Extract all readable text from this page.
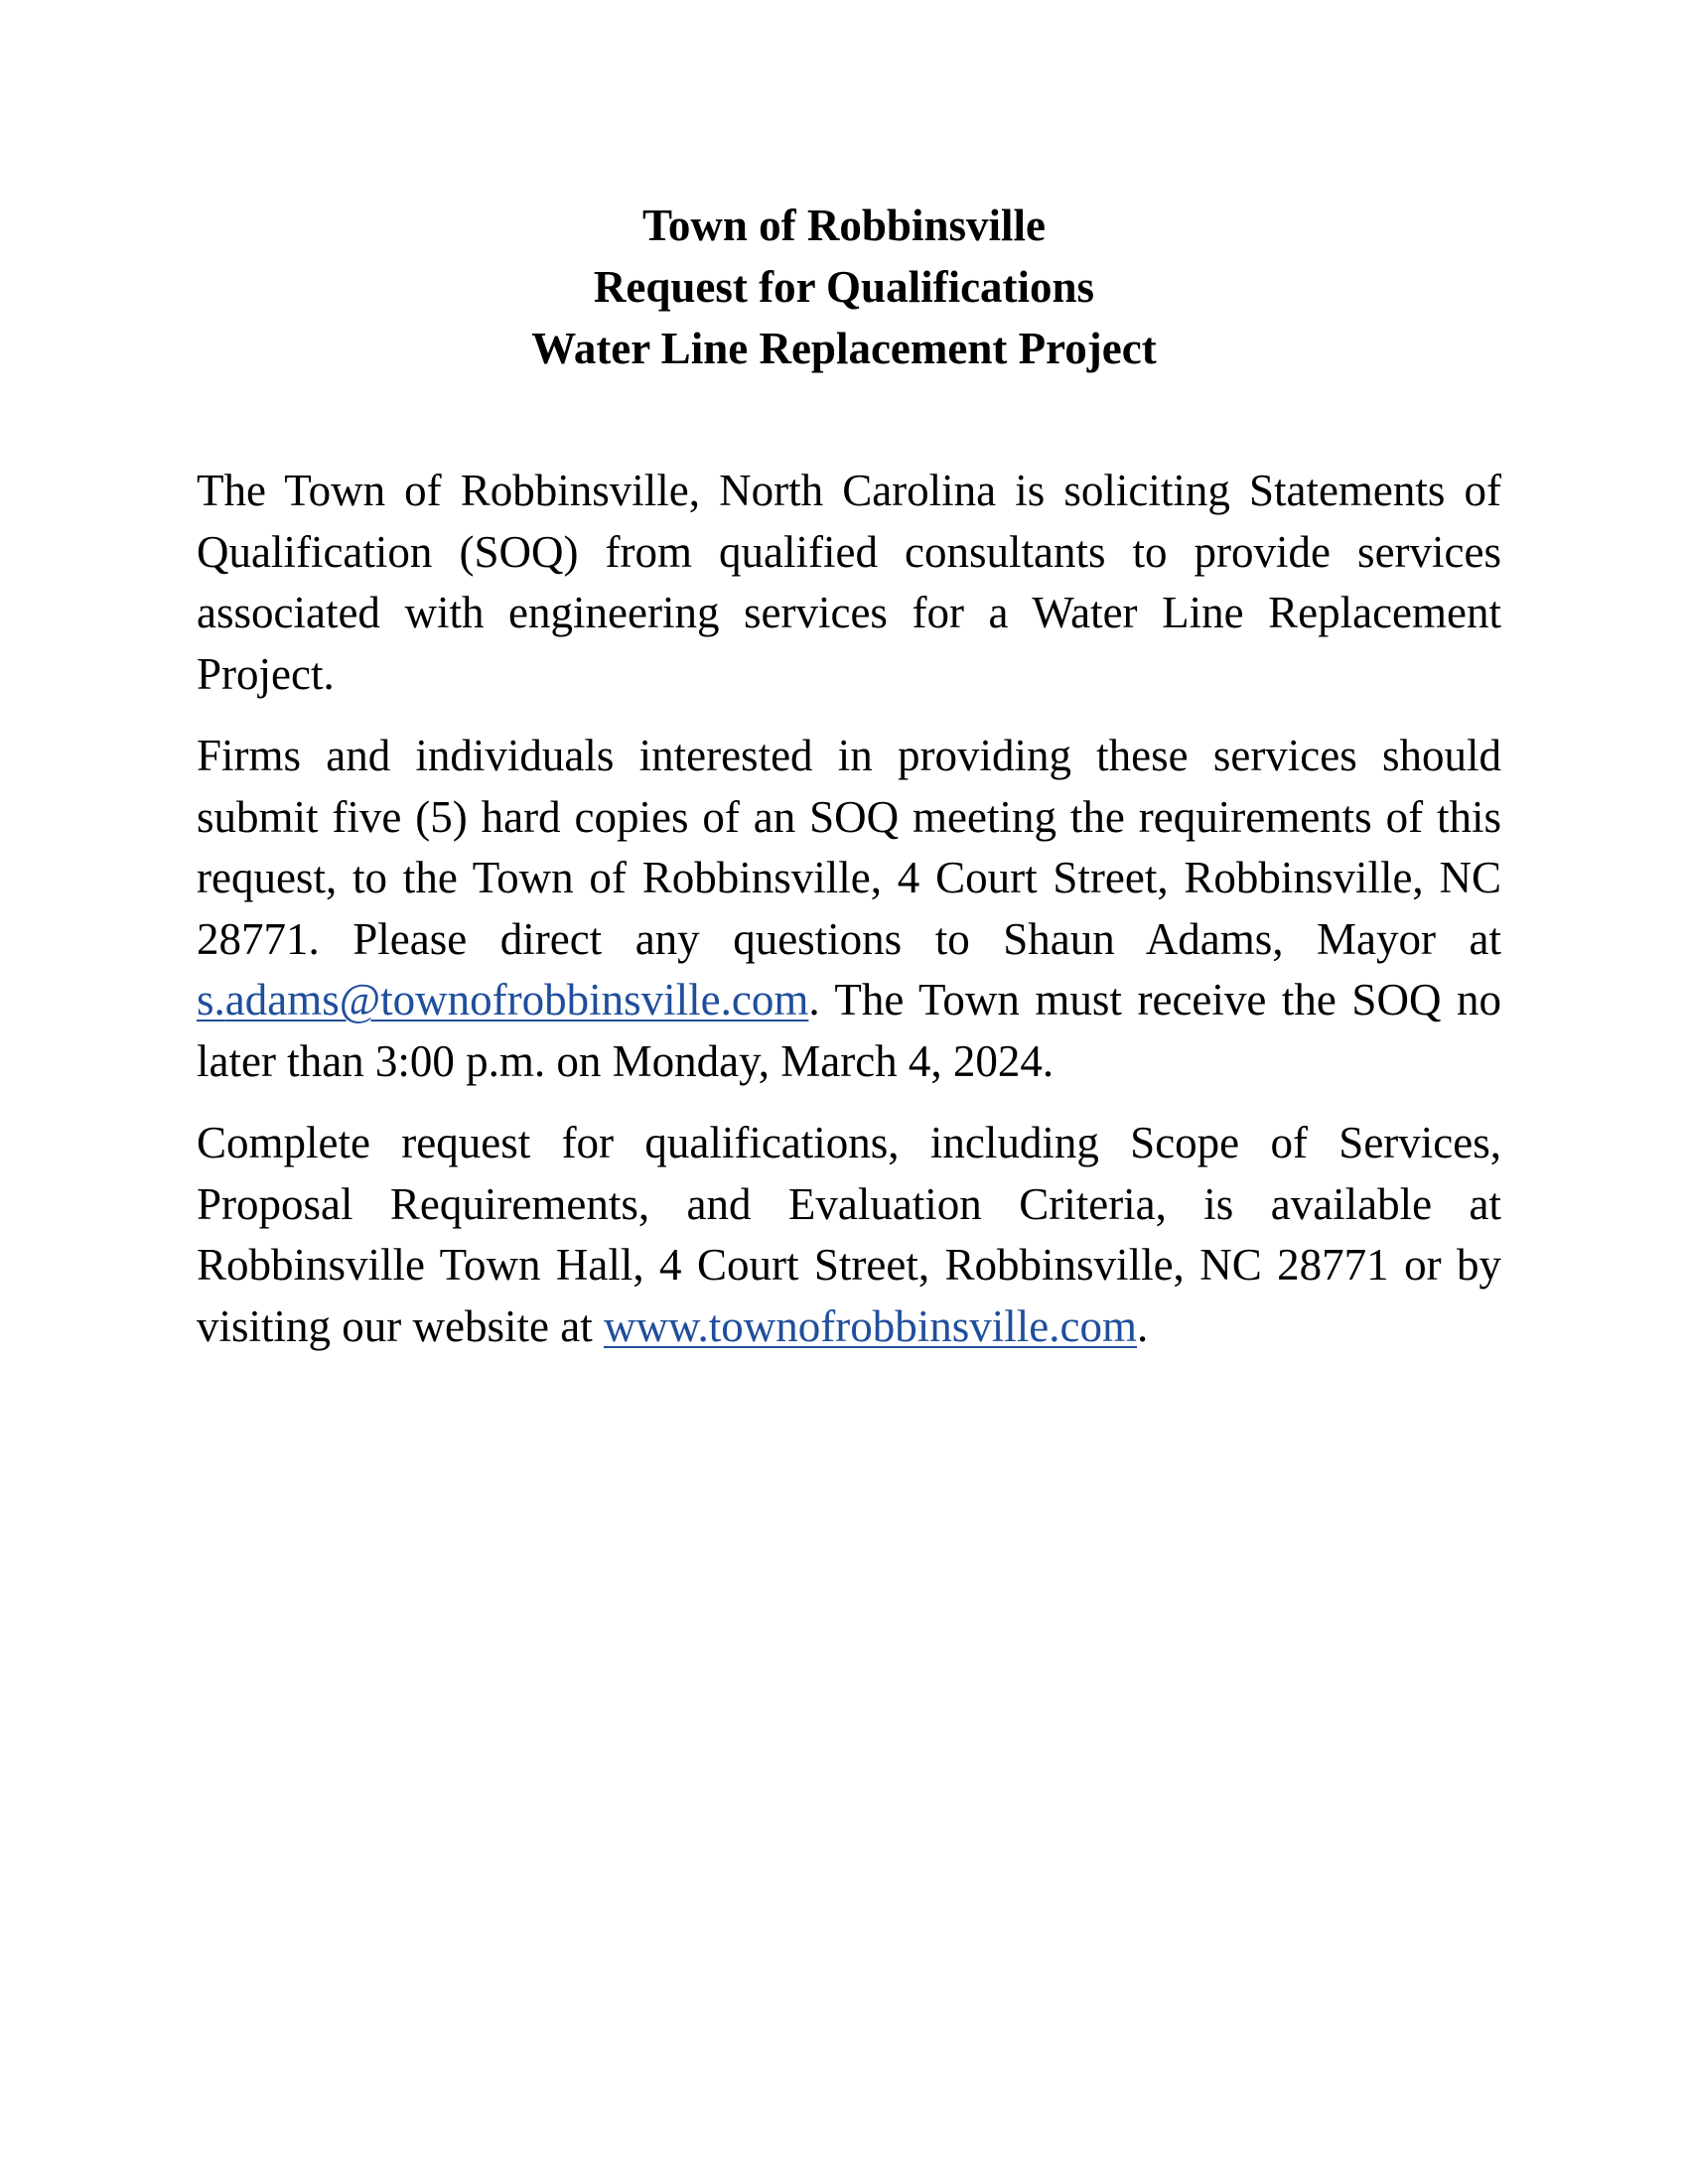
Town of Robbinsville
Request for Qualifications
Water Line Replacement Project

The Town of Robbinsville, North Carolina is soliciting Statements of Qualification (SOQ) from qualified consultants to provide services associated with engineering services for a Water Line Replacement Project.

Firms and individuals interested in providing these services should submit five (5) hard copies of an SOQ meeting the requirements of this request, to the Town of Robbinsville, 4 Court Street, Robbinsville, NC 28771. Please direct any questions to Shaun Adams, Mayor at s.adams@townofrobbinsville.com. The Town must receive the SOQ no later than 3:00 p.m. on Monday, March 4, 2024.

Complete request for qualifications, including Scope of Services, Proposal Requirements, and Evaluation Criteria, is available at Robbinsville Town Hall, 4 Court Street, Robbinsville, NC 28771 or by visiting our website at www.townofrobbinsville.com.
